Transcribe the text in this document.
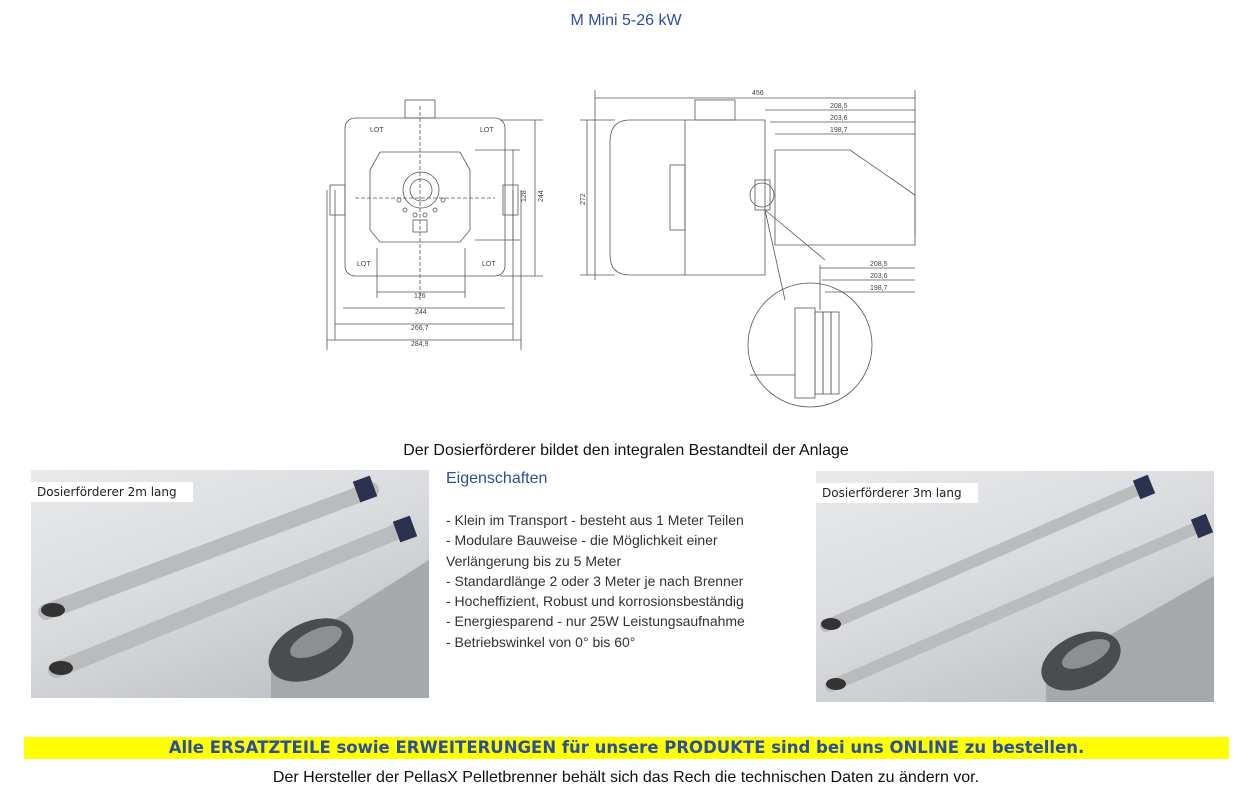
M Mini 5-26 kW
126
244
266,7
284,9
128 244
LOT	LOT
LOT	LOT
456
208,5
203,6
198,7
272
208,5
203,6
198,7
Der Dosierförderer bildet den integralen Bestandteil der Anlage
Dosierförderer 2m lang
Eigenschaften
- Klein im Transport - besteht aus 1 Meter Teilen
- Modulare Bauweise - die Möglichkeit einer
Verlängerung bis zu 5 Meter
- Standardlänge 2 oder 3 Meter je nach Brenner
- Hocheffizient, Robust und korrosionsbeständig
- Energiesparend - nur 25W Leistungsaufnahme
- Betriebswinkel von 0° bis 60°
Dosierförderer 3m lang
Alle ERSATZTEILE sowie ERWEITERUNGEN für unsere PRODUKTE sind bei uns ONLINE zu bestellen.
Der Hersteller der PellasX Pelletbrenner behält sich das Rech die technischen Daten zu ändern vor.
